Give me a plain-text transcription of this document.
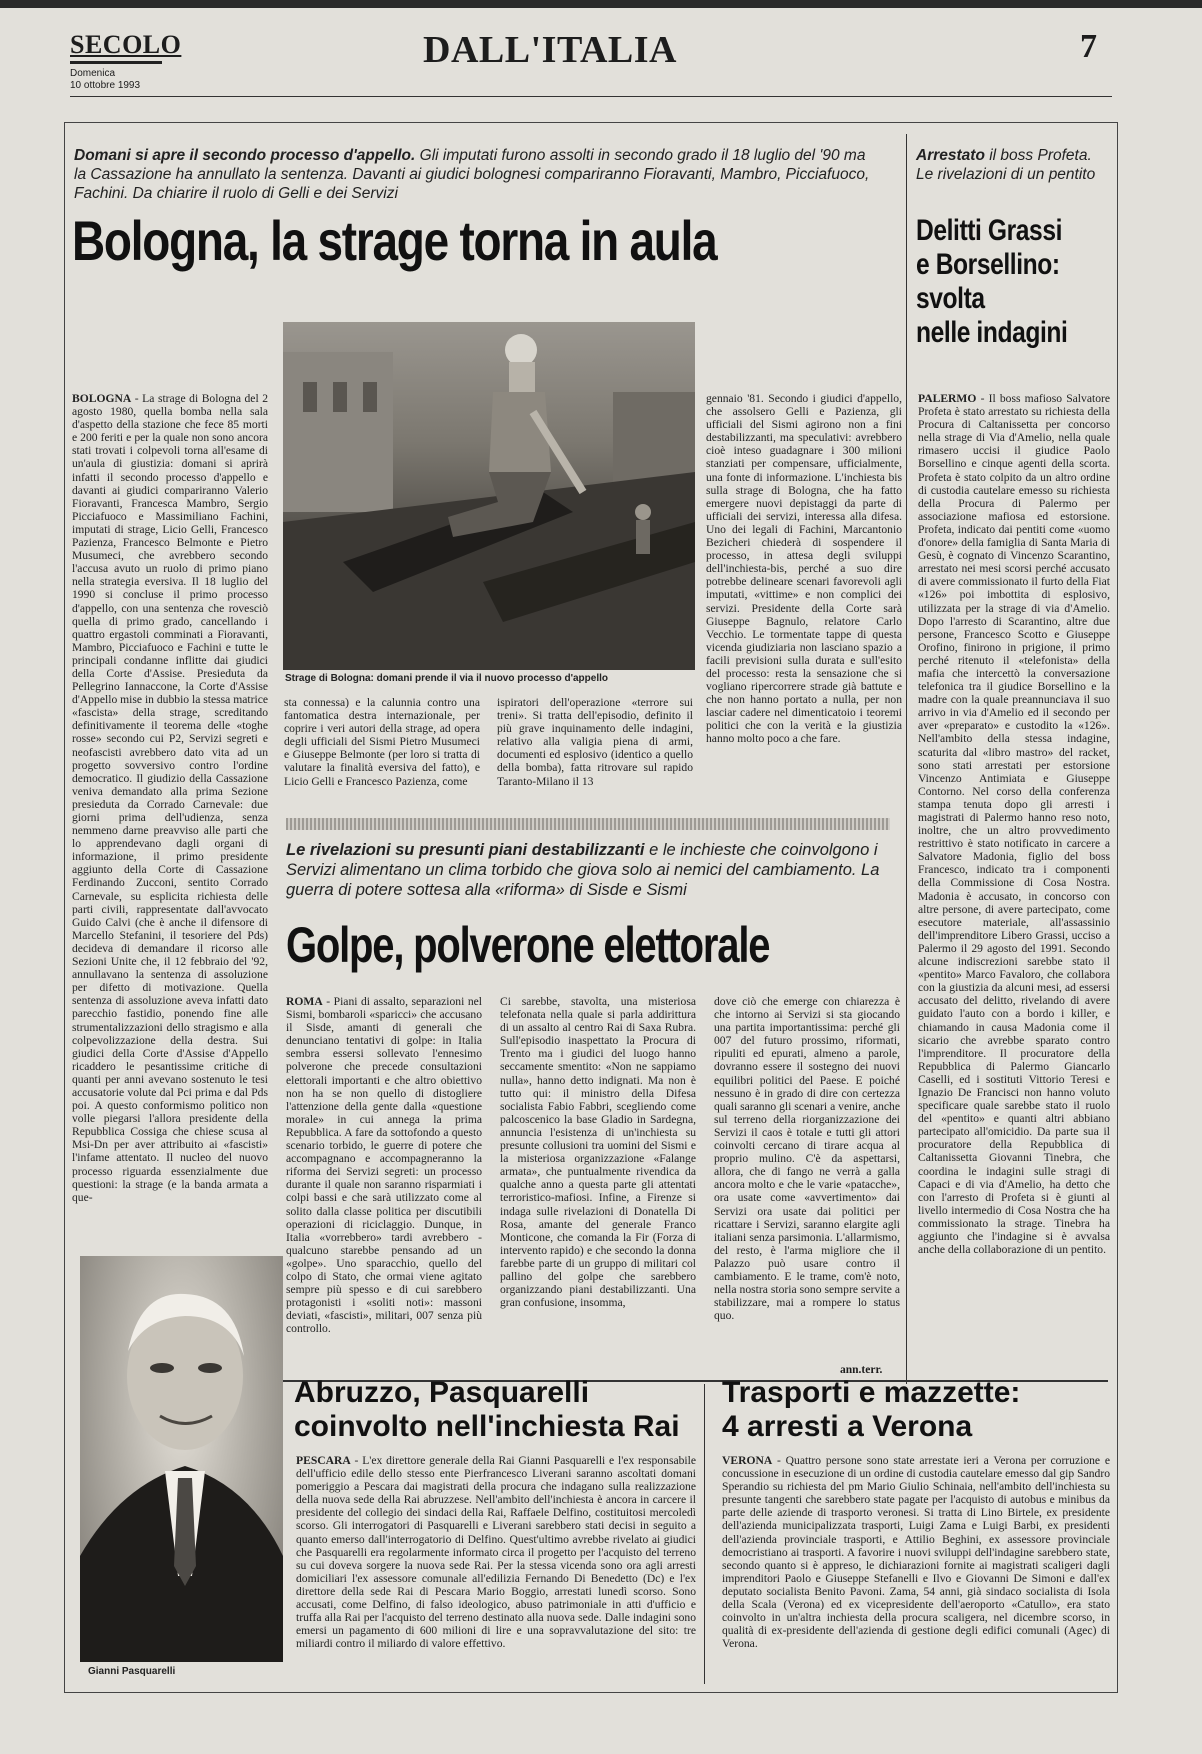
SECOLO
Domenica
10 ottobre 1993
DALL'ITALIA	7
Domani si apre il secondo processo d'appello. Gli imputati furono assolti in secondo grado il 18 luglio del '90 ma la Cassazione ha annullato la sentenza. Davanti ai giudici bolognesi compariranno Fioravanti, Mambro, Picciafuoco, Fachini. Da chiarire il ruolo di Gelli e dei Servizi
Bologna, la strage torna in aula
Strage di Bologna: domani prende il via il nuovo processo d'appello
BOLOGNA - La strage di Bologna del 2 agosto 1980, quella bomba nella sala d'aspetto della stazione che fece 85 morti e 200 feriti e per la quale non sono ancora stati trovati i colpevoli torna all'esame di un'aula di giustizia: domani si aprirà infatti il secondo processo d'appello e davanti ai giudici compariranno Valerio Fioravanti, Francesca Mambro, Sergio Picciafuoco e Massimiliano Fachini, imputati di strage, Licio Gelli, Francesco Pazienza, Francesco Belmonte e Pietro Musumeci, che avrebbero secondo l'accusa avuto un ruolo di primo piano nella strategia eversiva. Il 18 luglio del 1990 si concluse il primo processo d'appello, con una sentenza che rovesciò quella di primo grado, cancellando i quattro ergastoli comminati a Fioravanti, Mambro, Picciafuoco e Fachini e tutte le principali condanne inflitte dai giudici della Corte d'Assise. Presieduta da Pellegrino Iannaccone, la Corte d'Assise d'Appello mise in dubbio la stessa matrice «fascista» della strage, screditando definitivamente il teorema delle «toghe rosse» secondo cui P2, Servizi segreti e neofascisti avrebbero dato vita ad un progetto sovversivo contro l'ordine democratico. Il giudizio della Cassazione veniva demandato alla prima Sezione presieduta da Corrado Carnevale: due giorni prima dell'udienza, senza nemmeno darne preavviso alle parti che lo apprendevano dagli organi di informazione, il primo presidente aggiunto della Corte di Cassazione Ferdinando Zucconi, sentito Corrado Carnevale, su esplicita richiesta delle parti civili, rappresentate dall'avvocato Guido Calvi (che è anche il difensore di Marcello Stefanini, il tesoriere del Pds) decideva di demandare il ricorso alle Sezioni Unite che, il 12 febbraio del '92, annullavano la sentenza di assoluzione per difetto di motivazione. Quella sentenza di assoluzione aveva infatti dato parecchio fastidio, ponendo fine alle strumentalizzazioni dello stragismo e alla colpevolizzazione della destra. Sui giudici della Corte d'Assise d'Appello ricaddero le pesantissime critiche di quanti per anni avevano sostenuto le tesi accusatorie volute dal Pci prima e dal Pds poi. A questo conformismo politico non volle piegarsi l'allora presidente della Repubblica Cossiga che chiese scusa al Msi-Dn per aver attribuito ai «fascisti» l'infame attentato. Il nucleo del nuovo processo riguarda essenzialmente due questioni: la strage (e la banda armata a que-
sta connessa) e la calunnia contro una fantomatica destra internazionale, per coprire i veri autori della strage, ad opera degli ufficiali del Sismi Pietro Musumeci e Giuseppe Belmonte (per loro si tratta di valutare la finalità eversiva del fatto), e Licio Gelli e Francesco Pazienza, come
ispiratori dell'operazione «terrore sui treni». Si tratta dell'episodio, definito il più grave inquinamento delle indagini, relativo alla valigia piena di armi, documenti ed esplosivo (identico a quello della bomba), fatta ritrovare sul rapido Taranto-Milano il 13
gennaio '81. Secondo i giudici d'appello, che assolsero Gelli e Pazienza, gli ufficiali del Sismi agirono non a fini destabilizzanti, ma speculativi: avrebbero cioè inteso guadagnare i 300 milioni stanziati per compensare, ufficialmente, una fonte di informazione. L'inchiesta bis sulla strage di Bologna, che ha fatto emergere nuovi depistaggi da parte di ufficiali dei servizi, interessa alla difesa. Uno dei legali di Fachini, Marcantonio Bezicheri chiederà di sospendere il processo, in attesa degli sviluppi dell'inchiesta-bis, perché a suo dire potrebbe delineare scenari favorevoli agli imputati, «vittime» e non complici dei servizi. Presidente della Corte sarà Giuseppe Bagnulo, relatore Carlo Vecchio. Le tormentate tappe di questa vicenda giudiziaria non lasciano spazio a facili previsioni sulla durata e sull'esito del processo: resta la sensazione che si vogliano ripercorrere strade già battute e che non hanno portato a nulla, per non lasciar cadere nel dimenticatoio i teoremi politici che con la verità e la giustizia hanno molto poco a che fare.
Arrestato il boss Profeta. Le rivelazioni di un pentito
Delitti Grassi
e Borsellino:
svolta
nelle indagini
PALERMO - Il boss mafioso Salvatore Profeta è stato arrestato su richiesta della Procura di Caltanissetta per concorso nella strage di Via d'Amelio, nella quale rimasero uccisi il giudice Paolo Borsellino e cinque agenti della scorta. Profeta è stato colpito da un altro ordine di custodia cautelare emesso su richiesta della Procura di Palermo per associazione mafiosa ed estorsione. Profeta, indicato dai pentiti come «uomo d'onore» della famiglia di Santa Maria di Gesù, è cognato di Vincenzo Scarantino, arrestato nei mesi scorsi perché accusato di avere commissionato il furto della Fiat «126» poi imbottita di esplosivo, utilizzata per la strage di via d'Amelio. Dopo l'arresto di Scarantino, altre due persone, Francesco Scotto e Giuseppe Orofino, finirono in prigione, il primo perché ritenuto il «telefonista» della mafia che intercettò la conversazione telefonica tra il giudice Borsellino e la madre con la quale preannunciava il suo arrivo in via d'Amelio ed il secondo per aver «preparato» e custodito la «126». Nell'ambito della stessa indagine, scaturita dal «libro mastro» del racket, sono stati arrestati per estorsione Vincenzo Antimiata e Giuseppe Contorno. Nel corso della conferenza stampa tenuta dopo gli arresti i magistrati di Palermo hanno reso noto, inoltre, che un altro provvedimento restrittivo è stato notificato in carcere a Salvatore Madonia, figlio del boss Francesco, indicato tra i componenti della Commissione di Cosa Nostra. Madonia è accusato, in concorso con altre persone, di avere partecipato, come esecutore materiale, all'assassinio dell'imprenditore Libero Grassi, ucciso a Palermo il 29 agosto del 1991. Secondo alcune indiscrezioni sarebbe stato il «pentito» Marco Favaloro, che collabora con la giustizia da alcuni mesi, ad essersi accusato del delitto, rivelando di avere guidato l'auto con a bordo i killer, e chiamando in causa Madonia come il sicario che avrebbe sparato contro l'imprenditore. Il procuratore della Repubblica di Palermo Giancarlo Caselli, ed i sostituti Vittorio Teresi e Ignazio De Francisci non hanno voluto specificare quale sarebbe stato il ruolo del «pentito» e quanti altri abbiano partecipato all'omicidio. Da parte sua il procuratore della Repubblica di Caltanissetta Giovanni Tinebra, che coordina le indagini sulle stragi di Capaci e di via d'Amelio, ha detto che con l'arresto di Profeta si è giunti al livello intermedio di Cosa Nostra che ha commissionato la strage. Tinebra ha aggiunto che l'indagine si è avvalsa anche della collaborazione di un pentito.
Le rivelazioni su presunti piani destabilizzanti e le inchieste che coinvolgono i Servizi alimentano un clima torbido che giova solo ai nemici del cambiamento. La guerra di potere sottesa alla «riforma» di Sisde e Sismi
Golpe, polverone elettorale
ROMA - Piani di assalto, separazioni nel Sismi, bombaroli «sparicci» che accusano il Sisde, amanti di generali che denunciano tentativi di golpe: in Italia sembra essersi sollevato l'ennesimo polverone che precede consultazioni elettorali importanti e che altro obiettivo non ha se non quello di distogliere l'attenzione della gente dalla «questione morale» in cui annega la prima Repubblica. A fare da sottofondo a questo scenario torbido, le guerre di potere che accompagnano e accompagneranno la riforma dei Servizi segreti: un processo durante il quale non saranno risparmiati i colpi bassi e che sarà utilizzato come al solito dalla classe politica per discutibili operazioni di riciclaggio. Dunque, in Italia «vorrebbero» tardi avrebbero - qualcuno starebbe pensando ad un «golpe». Uno sparacchio, quello del colpo di Stato, che ormai viene agitato sempre più spesso e di cui sarebbero protagonisti i «soliti noti»: massoni deviati, «fascisti», militari, 007 senza più controllo.
Ci sarebbe, stavolta, una misteriosa telefonata nella quale si parla addirittura di un assalto al centro Rai di Saxa Rubra. Sull'episodio inaspettato la Procura di Trento ma i giudici del luogo hanno seccamente smentito: «Non ne sappiamo nulla», hanno detto indignati. Ma non è tutto qui: il ministro della Difesa socialista Fabio Fabbri, scegliendo come palcoscenico la base Gladio in Sardegna, annuncia l'esistenza di un'inchiesta su presunte collusioni tra uomini del Sismi e la misteriosa organizzazione «Falange armata», che puntualmente rivendica da qualche anno a questa parte gli attentati terroristico-mafiosi. Infine, a Firenze si indaga sulle rivelazioni di Donatella Di Rosa, amante del generale Franco Monticone, che comanda la Fir (Forza di intervento rapido) e che secondo la donna farebbe parte di un gruppo di militari col pallino del golpe che sarebbero organizzando piani destabilizzanti. Una gran confusione, insomma,
dove ciò che emerge con chiarezza è che intorno ai Servizi si sta giocando una partita importantissima: perché gli 007 del futuro prossimo, riformati, ripuliti ed epurati, almeno a parole, dovranno essere il sostegno dei nuovi equilibri politici del Paese. E poiché nessuno è in grado di dire con certezza quali saranno gli scenari a venire, anche sul terreno della riorganizzazione dei Servizi il caos è totale e tutti gli attori coinvolti cercano di tirare acqua al proprio mulino. C'è da aspettarsi, allora, che di fango ne verrà a galla ancora molto e che le varie «patacche», ora usate come «avvertimento» dai Servizi ora usate dai politici per ricattare i Servizi, saranno elargite agli italiani senza parsimonia. L'allarmismo, del resto, è l'arma migliore che il Palazzo può usare contro il cambiamento. E le trame, com'è noto, nella nostra storia sono sempre servite a stabilizzare, mai a rompere lo status quo.
ann.terr.
Gianni Pasquarelli
Abruzzo, Pasquarelli
coinvolto nell'inchiesta Rai
PESCARA - L'ex direttore generale della Rai Gianni Pasquarelli e l'ex responsabile dell'ufficio edile dello stesso ente Pierfrancesco Liverani saranno ascoltati domani pomeriggio a Pescara dai magistrati della procura che indagano sulla realizzazione della nuova sede della Rai abruzzese. Nell'ambito dell'inchiesta è ancora in carcere il presidente del collegio dei sindaci della Rai, Raffaele Delfino, costituitosi mercoledì scorso. Gli interrogatori di Pasquarelli e Liverani sarebbero stati decisi in seguito a quanto emerso dall'interrogatorio di Delfino. Quest'ultimo avrebbe rivelato ai giudici che Pasquarelli era regolarmente informato circa il progetto per l'acquisto del terreno su cui doveva sorgere la nuova sede Rai. Per la stessa vicenda sono ora agli arresti domiciliari l'ex assessore comunale all'edilizia Fernando Di Benedetto (Dc) e l'ex direttore della sede Rai di Pescara Mario Boggio, arrestati lunedì scorso. Sono accusati, come Delfino, di falso ideologico, abuso patrimoniale in atti d'ufficio e truffa alla Rai per l'acquisto del terreno destinato alla nuova sede. Dalle indagini sono emersi un pagamento di 600 milioni di lire e una sopravvalutazione del sito: tre miliardi contro il miliardo di valore effettivo.
Trasporti e mazzette:
4 arresti a Verona
VERONA - Quattro persone sono state arrestate ieri a Verona per corruzione e concussione in esecuzione di un ordine di custodia cautelare emesso dal gip Sandro Sperandio su richiesta del pm Mario Giulio Schinaia, nell'ambito dell'inchiesta su presunte tangenti che sarebbero state pagate per l'acquisto di autobus e minibus da parte delle aziende di trasporto veronesi. Si tratta di Lino Birtele, ex presidente dell'azienda municipalizzata trasporti, Luigi Zama e Luigi Barbi, ex presidenti dell'azienda provinciale trasporti, e Attilio Beghini, ex assessore provinciale democristiano ai trasporti. A favorire i nuovi sviluppi dell'indagine sarebbero state, secondo quanto si è appreso, le dichiarazioni fornite ai magistrati scaligeri dagli imprenditori Paolo e Giuseppe Stefanelli e Ilvo e Giovanni De Simoni e dall'ex deputato socialista Benito Pavoni. Zama, 54 anni, già sindaco socialista di Isola della Scala (Verona) ed ex vicepresidente dell'aeroporto «Catullo», era stato coinvolto in un'altra inchiesta della procura scaligera, nel dicembre scorso, in qualità di ex-presidente dell'azienda di gestione degli edifici comunali (Agec) di Verona.
